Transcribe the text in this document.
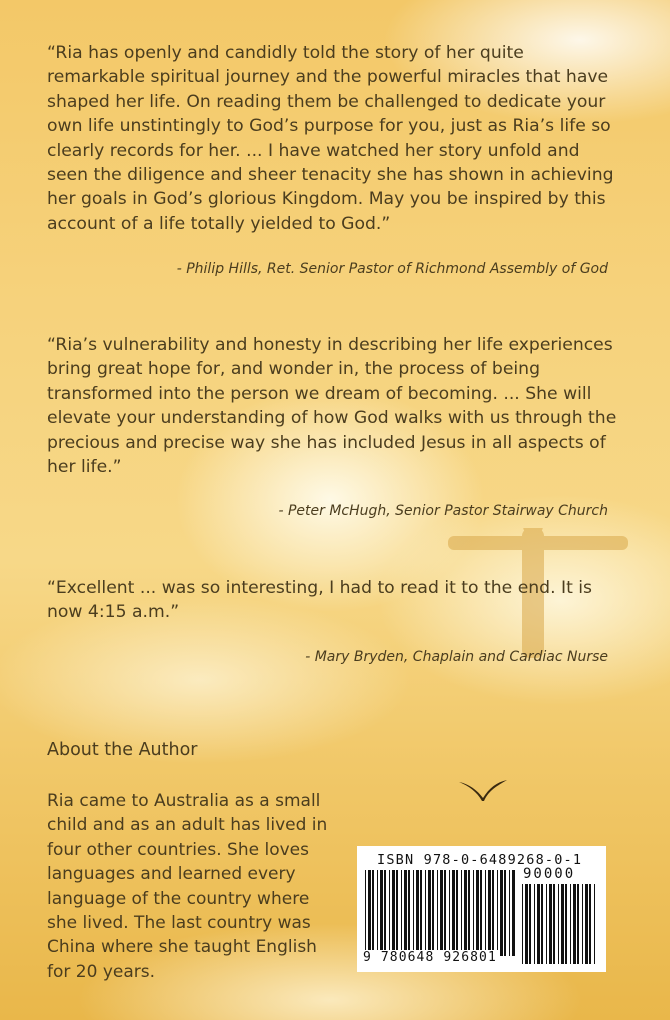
“Ria has openly and candidly told the story of her quite remarkable spiritual journey and the powerful miracles that have shaped her life. On reading them be challenged to dedicate your own life unstintingly to God’s purpose for you, just as Ria’s life so clearly records for her. ... I have watched her story unfold and seen the diligence and sheer tenacity she has shown in achieving her goals in God’s glorious Kingdom. May you be inspired by this account of a life totally yielded to God.”

- Philip Hills, Ret. Senior Pastor of Richmond Assembly of God

“Ria’s vulnerability and honesty in describing her life experiences bring great hope for, and wonder in, the process of being transformed into the person we dream of becoming. ... She will elevate your understanding of how God walks with us through the precious and precise way she has included Jesus in all aspects of her life.”

- Peter McHugh, Senior Pastor Stairway Church

“Excellent ... was so interesting, I had to read it to the end. It is now 4:15 a.m.”

- Mary Bryden, Chaplain and Cardiac Nurse

About the Author

Ria came to Australia as a small child and as an adult has lived in four other countries. She loves languages and learned every language of the country where she lived. The last country was China where she taught English for 20 years.

ISBN 978-0-6489268-0-1

90000

9 780648 926801
